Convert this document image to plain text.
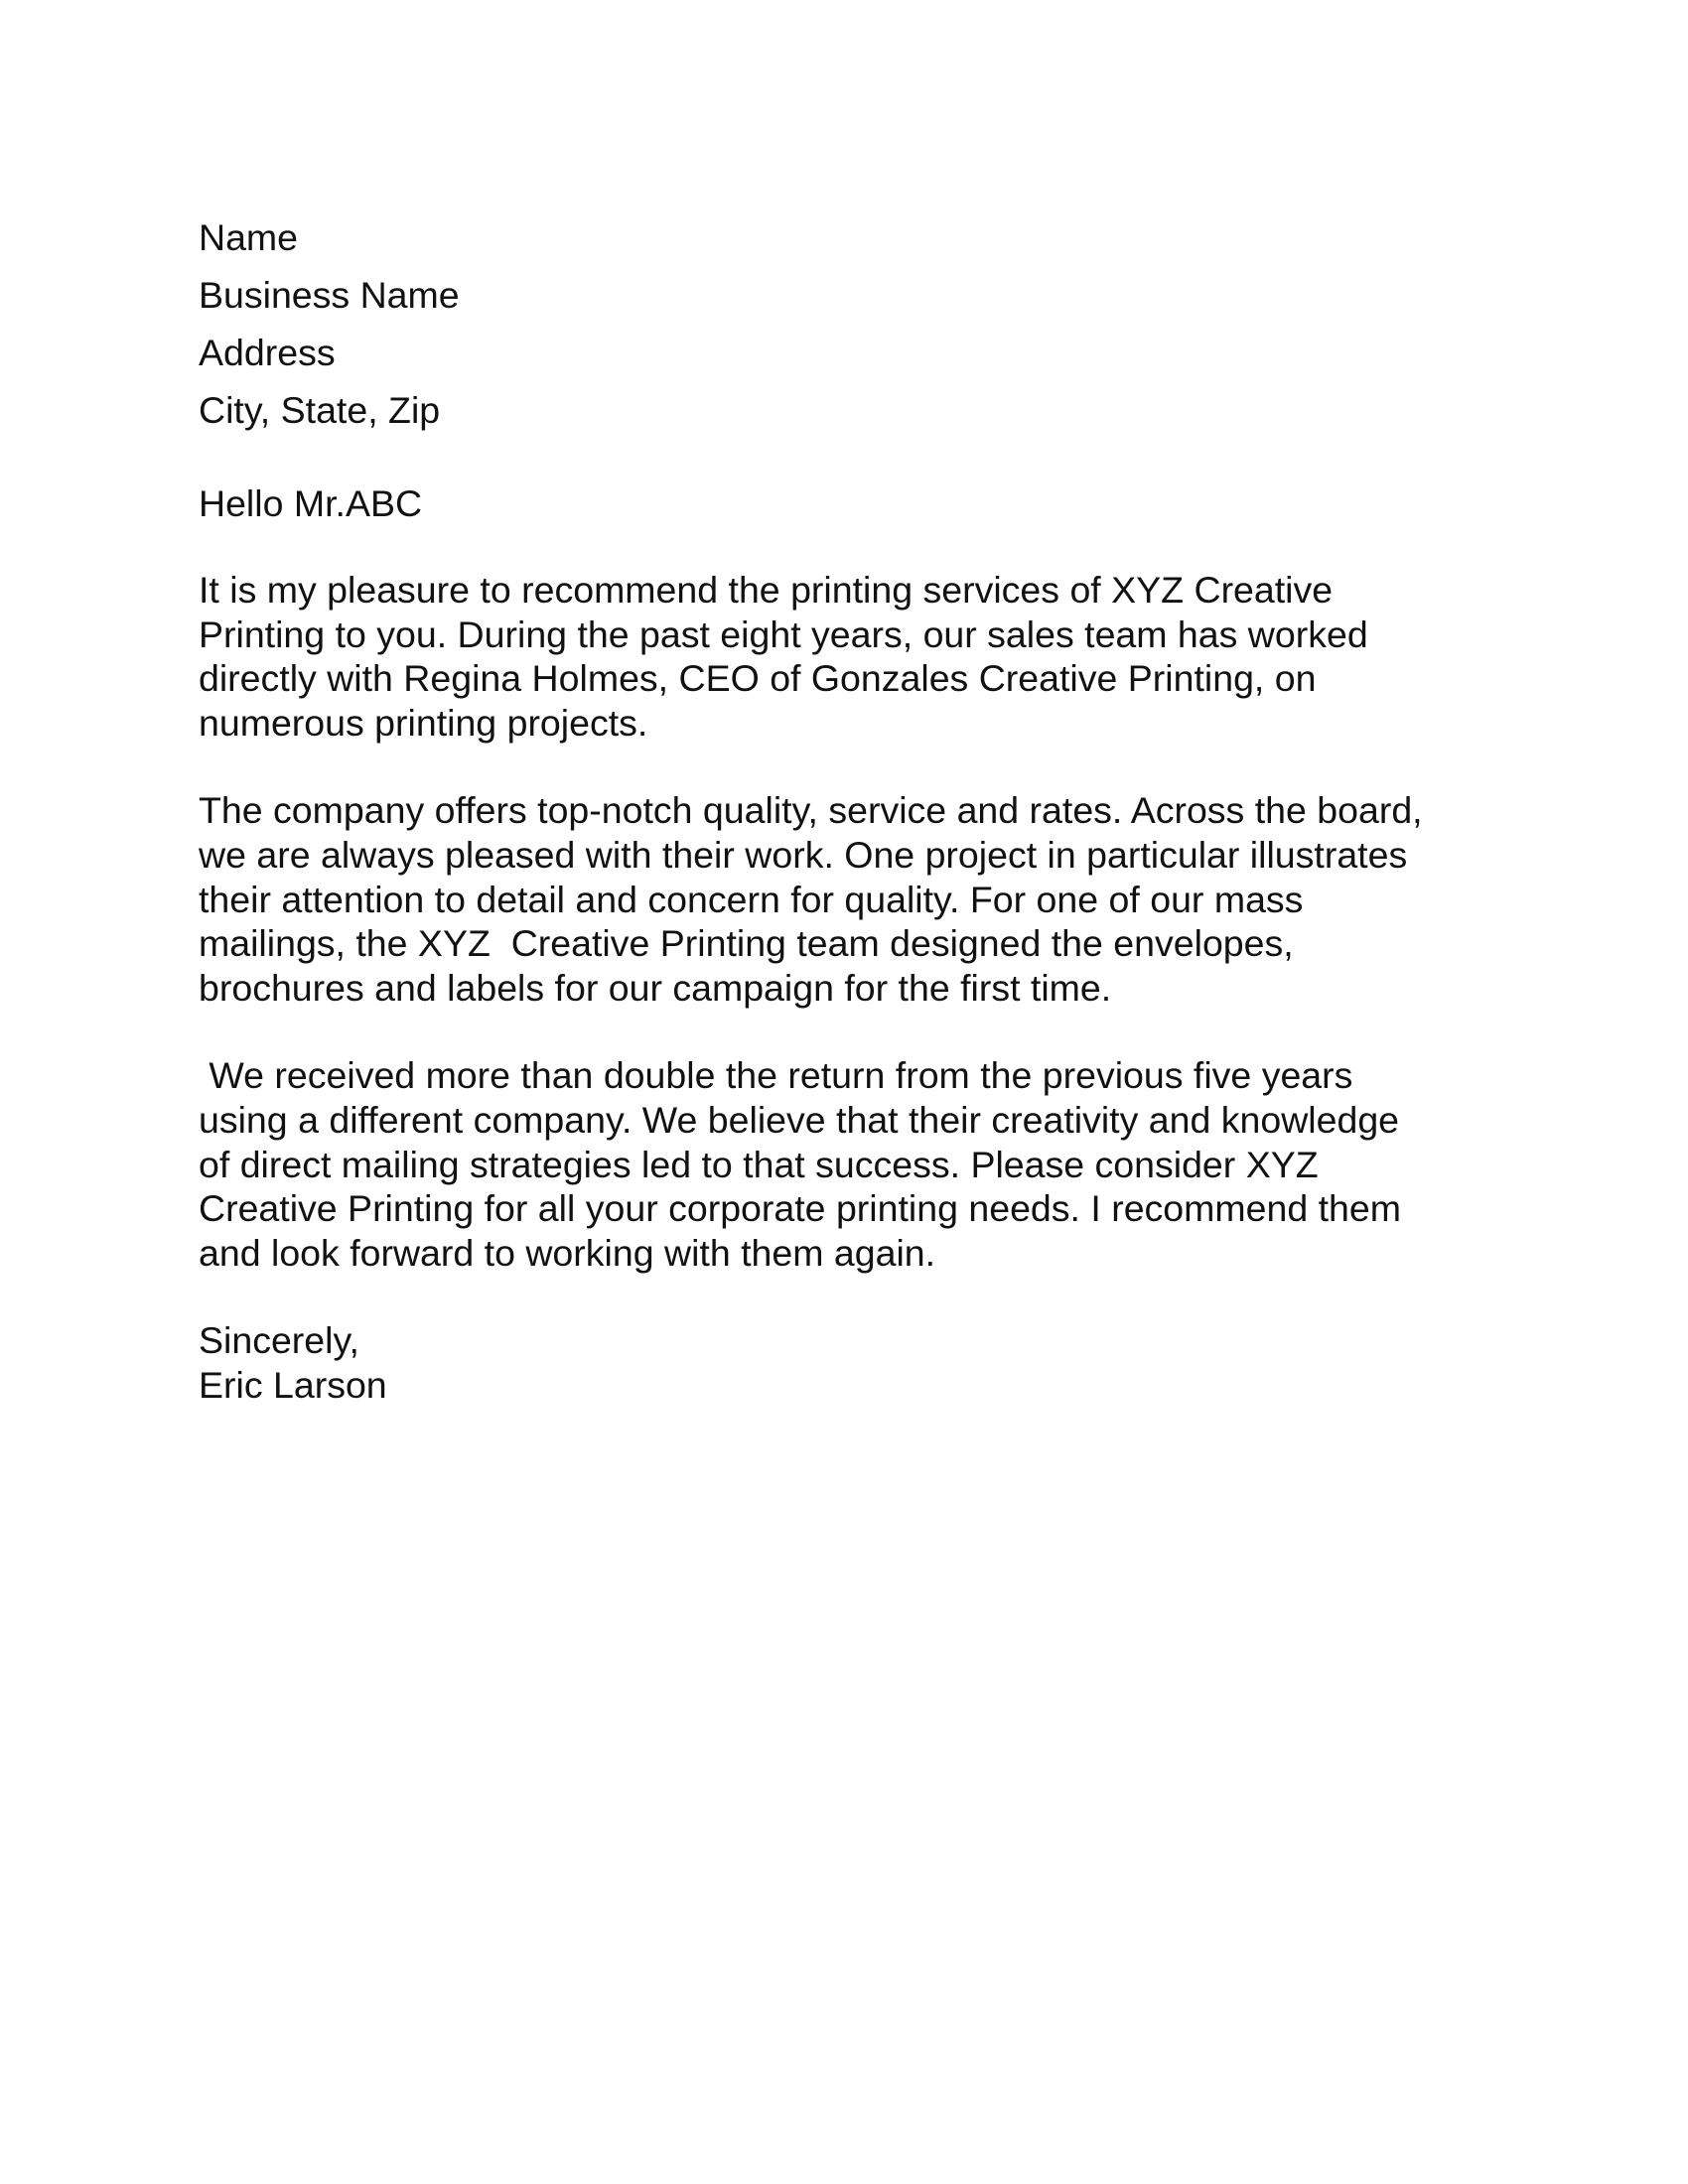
Name
Business Name
Address
City, State, Zip
Hello Mr.ABC
It is my pleasure to recommend the printing services of XYZ Creative
Printing to you. During the past eight years, our sales team has worked
directly with Regina Holmes, CEO of Gonzales Creative Printing, on
numerous printing projects.
The company offers top-notch quality, service and rates. Across the board,
we are always pleased with their work. One project in particular illustrates
their attention to detail and concern for quality. For one of our mass
mailings, the XYZ  Creative Printing team designed the envelopes,
brochures and labels for our campaign for the first time.
We received more than double the return from the previous five years
using a different company. We believe that their creativity and knowledge
of direct mailing strategies led to that success. Please consider XYZ
Creative Printing for all your corporate printing needs. I recommend them
and look forward to working with them again.
Sincerely,
Eric Larson
